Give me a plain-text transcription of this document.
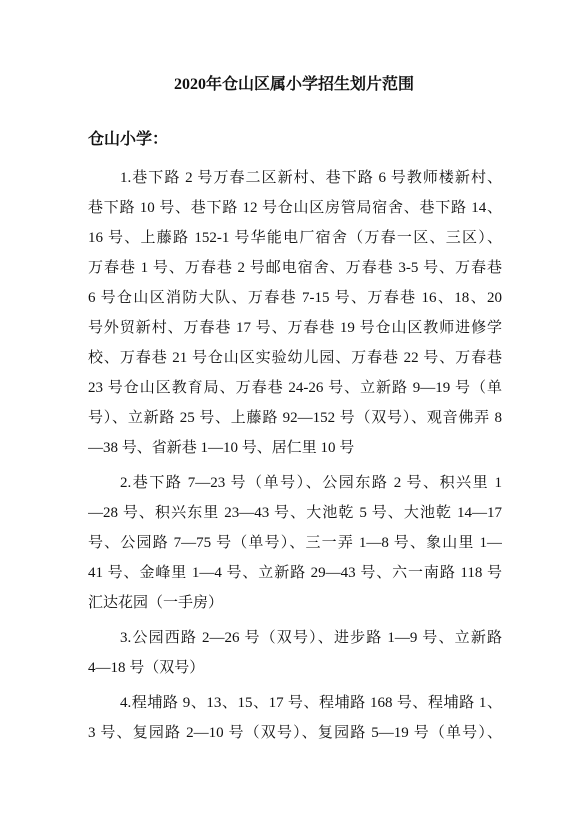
2020年仓山区属小学招生划片范围
仓山小学：
1.巷下路 2 号万春二区新村、巷下路 6 号教师楼新村、
巷下路 10 号、巷下路 12 号仓山区房管局宿舍、巷下路 14、
16 号、上藤路 152-1 号华能电厂宿舍（万春一区、三区）、
万春巷 1 号、万春巷 2 号邮电宿舍、万春巷 3-5 号、万春巷
6 号仓山区消防大队、万春巷 7-15 号、万春巷 16、18、20
号外贸新村、万春巷 17 号、万春巷 19 号仓山区教师进修学
校、万春巷 21 号仓山区实验幼儿园、万春巷 22 号、万春巷
23 号仓山区教育局、万春巷 24-26 号、立新路 9—19 号（单
号）、立新路 25 号、上藤路 92—152 号（双号）、观音佛弄 8
—38 号、省新巷 1—10 号、居仁里 10 号
2.巷下路 7—23 号（单号）、公园东路 2 号、积兴里 1
—28 号、积兴东里 23—43 号、大池乾 5 号、大池乾 14—17
号、公园路 7—75 号（单号）、三一弄 1—8 号、象山里 1—
41 号、金峰里 1—4 号、立新路 29—43 号、六一南路 118 号
汇达花园（一手房）
3.公园西路 2—26 号（双号）、进步路 1—9 号、立新路
4—18 号（双号）
4.程埔路 9、13、15、17 号、程埔路 168 号、程埔路 1、
3 号、复园路 2—10 号（双号）、复园路 5—19 号（单号）、
